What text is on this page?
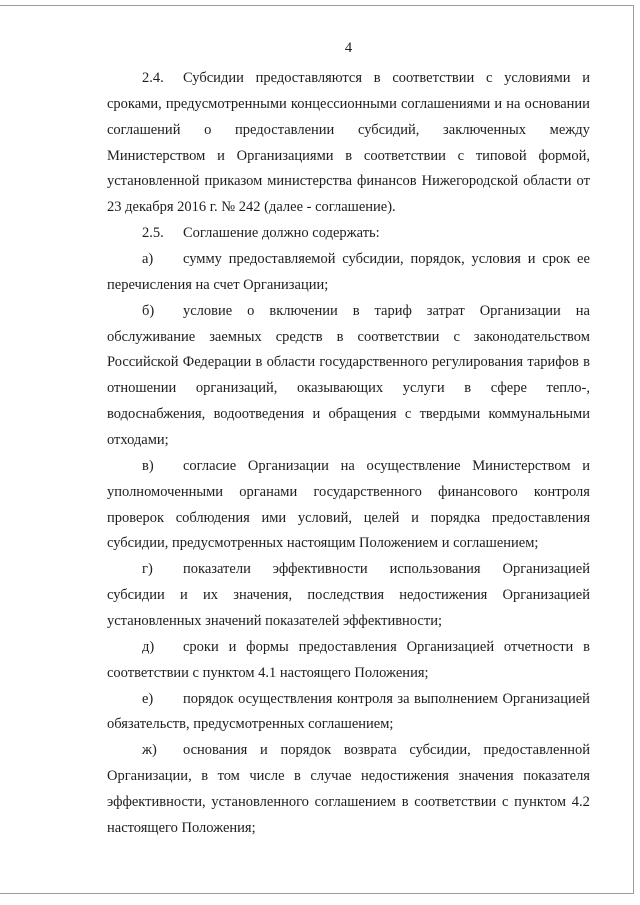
4
2.4.	Субсидии предоставляются в соответствии с условиями и
сроками, предусмотренными концессионными соглашениями и на основании
соглашений о предоставлении субсидий, заключенных между
Министерством и Организациями в соответствии с типовой формой,
установленной приказом министерства финансов Нижегородской области от
23 декабря 2016 г. № 242 (далее - соглашение).
2.5.	Соглашение должно содержать:
а)	сумму предоставляемой субсидии, порядок, условия и срок ее
перечисления на счет Организации;
б)	условие о включении в тариф затрат Организации на
обслуживание заемных средств в соответствии с законодательством
Российской Федерации в области государственного регулирования тарифов в
отношении организаций, оказывающих услуги в сфере тепло-,
водоснабжения, водоотведения и обращения с твердыми коммунальными
отходами;
в)	согласие Организации на осуществление Министерством и
уполномоченными органами государственного финансового контроля
проверок соблюдения ими условий, целей и порядка предоставления
субсидии, предусмотренных настоящим Положением и соглашением;
г)	показатели эффективности использования Организацией
субсидии и их значения, последствия недостижения Организацией
установленных значений показателей эффективности;
д)	сроки и формы предоставления Организацией отчетности в
соответствии с пунктом 4.1 настоящего Положения;
е)	порядок осуществления контроля за выполнением Организацией
обязательств, предусмотренных соглашением;
ж)	основания и порядок возврата субсидии, предоставленной
Организации, в том числе в случае недостижения значения показателя
эффективности, установленного соглашением в соответствии с пунктом 4.2
настоящего Положения;
